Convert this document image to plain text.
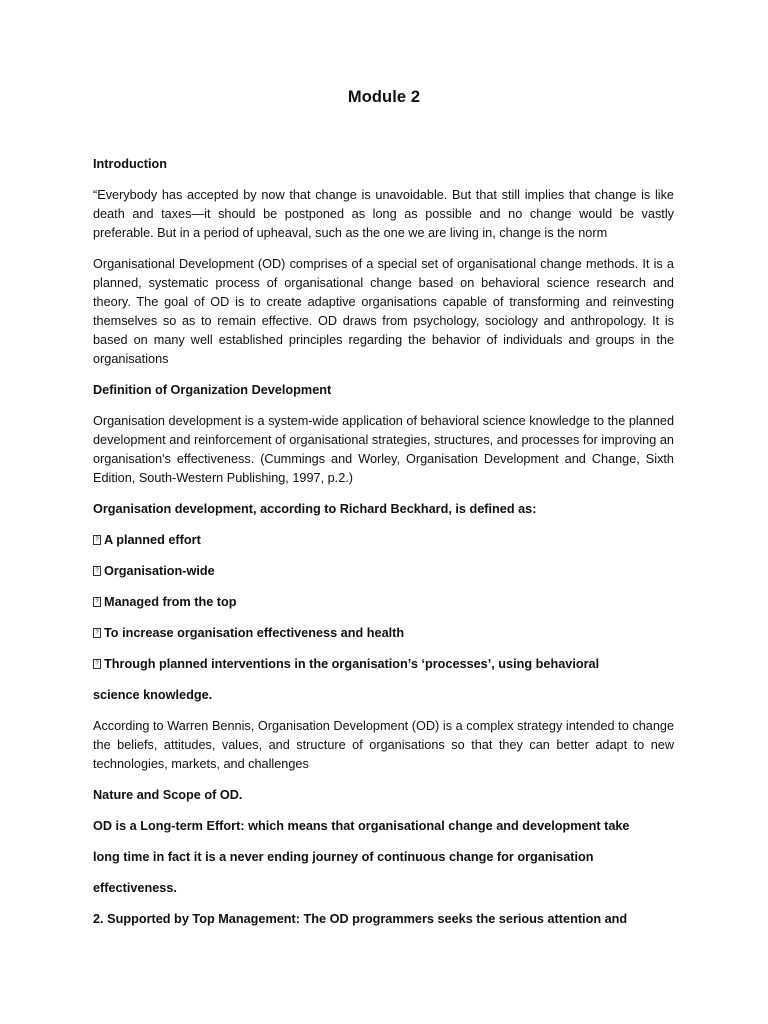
Module 2

Introduction

“Everybody has accepted by now that change is unavoidable. But that still implies that change is like death and taxes—it should be postponed as long as possible and no change would be vastly preferable. But in a period of upheaval, such as the one we are living in, change is the norm

Organisational Development (OD) comprises of a special set of organisational change methods. It is a planned, systematic process of organisational change based on behavioral science research and theory. The goal of OD is to create adaptive organisations capable of transforming and reinvesting themselves so as to remain effective. OD draws from psychology, sociology and anthropology. It is based on many well established principles regarding the behavior of individuals and groups in the organisations

Definition of Organization Development

Organisation development is a system-wide application of behavioral science knowledge to the planned development and reinforcement of organisational strategies, structures, and processes for improving an organisation's effectiveness. (Cummings and Worley, Organisation Development and Change, Sixth Edition, South-Western Publishing, 1997, p.2.)

Organisation development, according to Richard Beckhard, is defined as:

? A planned effort
? Organisation-wide
? Managed from the top
? To increase organisation effectiveness and health
? Through planned interventions in the organisation’s ‘processes’, using behavioral

science knowledge.

According to Warren Bennis, Organisation Development (OD) is a complex strategy intended to change the beliefs, attitudes, values, and structure of organisations so that they can better adapt to new technologies, markets, and challenges

Nature and Scope of OD.

OD is a Long-term Effort: which means that organisational change and development take

long time in fact it is a never ending journey of continuous change for organisation

effectiveness.

2. Supported by Top Management: The OD programmers seeks the serious attention and
